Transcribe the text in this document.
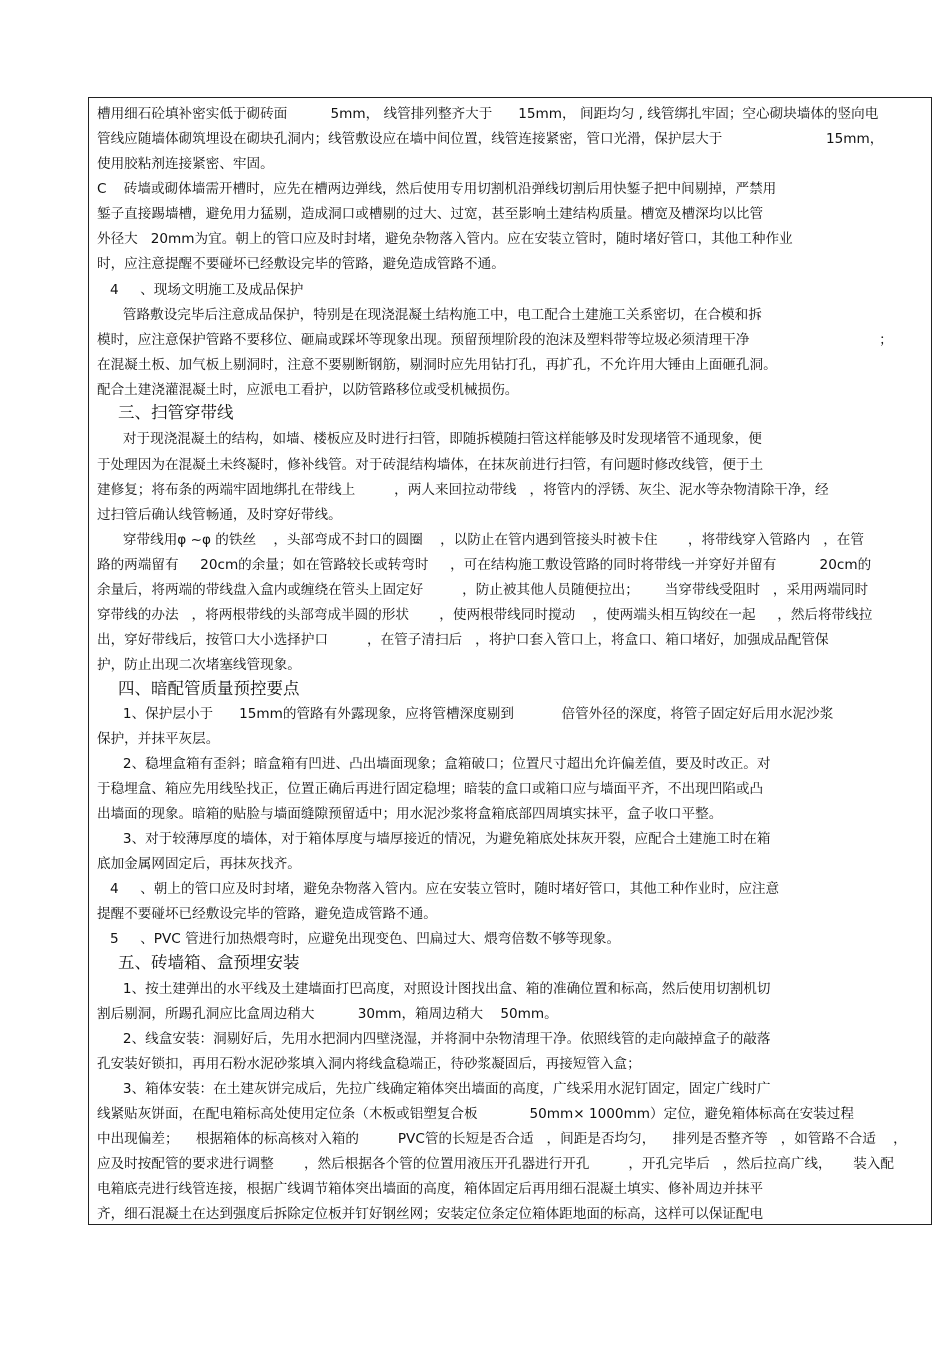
槽用细石砼填补密实低于砌砖面          5mm， 线管排列整齐大于      15mm， 间距均匀 , 线管绑扎牢固；空心砌块墙体的竖向电
管线应随墙体砌筑埋设在砌块孔洞内；线管敷设应在墙中间位置，线管连接紧密，管口光滑，保护层大于                        15mm，
使用胶粘剂连接紧密、牢固。
C    砖墙或砌体墙需开槽时，应先在槽两边弹线，然后使用专用切割机沿弹线切割后用快錾子把中间剔掉，严禁用
錾子直接踢墙槽，避免用力猛剔，造成洞口或槽剔的过大、过宽，甚至影响土建结构质量。槽宽及槽深均以比管
外径大   20mm为宜。朝上的管口应及时封堵，避免杂物落入管内。应在安装立管时，随时堵好管口，其他工种作业
时，应注意提醒不要碰坏已经敷设完毕的管路，避免造成管路不通。
4     、现场文明施工及成品保护
管路敷设完毕后注意成品保护，特别是在现浇混凝土结构施工中，电工配合土建施工关系密切，在合模和拆
模时，应注意保护管路不要移位、砸扁或踩坏等现象出现。预留预埋阶段的泡沫及塑料带等垃圾必须清理干净                              ；
在混凝土板、加气板上剔洞时，注意不要剔断钢筋，剔洞时应先用钻打孔，再扩孔，不允许用大锤由上面砸孔洞。
配合土建浇灌混凝土时，应派电工看护，以防管路移位或受机械损伤。
三、扫管穿带线
对于现浇混凝土的结构，如墙、楼板应及时进行扫管，即随拆模随扫管这样能够及时发现堵管不通现象，便
于处理因为在混凝土未终凝时，修补线管。对于砖混结构墙体，在抹灰前进行扫管，有问题时修改线管，便于土
建修复；将布条的两端牢固地绑扎在带线上         ，两人来回拉动带线   ，将管内的浮锈、灰尘、泥水等杂物清除干净，经
过扫管后确认线管畅通，及时穿好带线。
穿带线用φ ~φ 的铁丝    ，头部弯成不封口的圆圈    ，以防止在管内遇到管接头时被卡住       ，将带线穿入管路内   ，在管
路的两端留有     20cm的余量；如在管路较长或转弯时     ，可在结构施工敷设管路的同时将带线一并穿好并留有          20cm的
余量后，将两端的带线盘入盒内或缠绕在管头上固定好         ，防止被其他人员随便拉出；      当穿带线受阻时   ，采用两端同时
穿带线的办法   ，将两根带线的头部弯成半圆的形状       ，使两根带线同时搅动    ，使两端头相互钩绞在一起     ，然后将带线拉
出，穿好带线后，按管口大小选择护口         ，在管子清扫后   ，将护口套入管口上，将盒口、箱口堵好，加强成品配管保
护，防止出现二次堵塞线管现象。
四、暗配管质量预控要点
1、保护层小于      15mm的管路有外露现象，应将管槽深度剔到           倍管外径的深度，将管子固定好后用水泥沙浆
保护，并抹平灰层。
2、稳埋盒箱有歪斜；暗盒箱有凹进、凸出墙面现象；盒箱破口；位置尺寸超出允许偏差值，要及时改正。对
于稳埋盒、箱应先用线坠找正，位置正确后再进行固定稳埋；暗装的盒口或箱口应与墙面平齐，不出现凹陷或凸
出墙面的现象。暗箱的贴脸与墙面缝隙预留适中；用水泥沙浆将盒箱底部四周填实抹平，盒子收口平整。
3、对于较薄厚度的墙体，对于箱体厚度与墙厚接近的情况，为避免箱底处抹灰开裂，应配合土建施工时在箱
底加金属网固定后，再抹灰找齐。
4     、朝上的管口应及时封堵，避免杂物落入管内。应在安装立管时，随时堵好管口，其他工种作业时，应注意
提醒不要碰坏已经敷设完毕的管路，避免造成管路不通。
5     、PVC 管进行加热煨弯时，应避免出现变色、凹扁过大、煨弯倍数不够等现象。
五、砖墙箱、盒预埋安装
1、按土建弹出的水平线及土建墙面打巴高度，对照设计图找出盒、箱的准确位置和标高，然后使用切割机切
割后剔洞，所踢孔洞应比盒周边稍大          30mm，箱周边稍大    50mm。
2、线盒安装：洞剔好后，先用水把洞内四壁浇湿，并将洞中杂物清理干净。依照线管的走向敲掉盒子的敲落
孔安装好锁扣，再用石粉水泥砂浆填入洞内将线盒稳端正，待砂浆凝固后，再接短管入盒；
3、箱体安装：在土建灰饼完成后，先拉广线确定箱体突出墙面的高度，广线采用水泥钉固定，固定广线时广
线紧贴灰饼面，在配电箱标高处使用定位条（木板或铝塑复合板            50mm× 1000mm）定位，避免箱体标高在安装过程
中出现偏差；    根据箱体的标高核对入箱的         PVC管的长短是否合适   ，间距是否均匀，    排列是否整齐等   ，如管路不合适    ，
应及时按配管的要求进行调整       ，然后根据各个管的位置用液压开孔器进行开孔         ，开孔完毕后   ，然后拉高广线，     装入配
电箱底壳进行线管连接，根据广线调节箱体突出墙面的高度，箱体固定后再用细石混凝土填实、修补周边并抹平
齐，细石混凝土在达到强度后拆除定位板并钉好钢丝网；安装定位条定位箱体距地面的标高，这样可以保证配电
